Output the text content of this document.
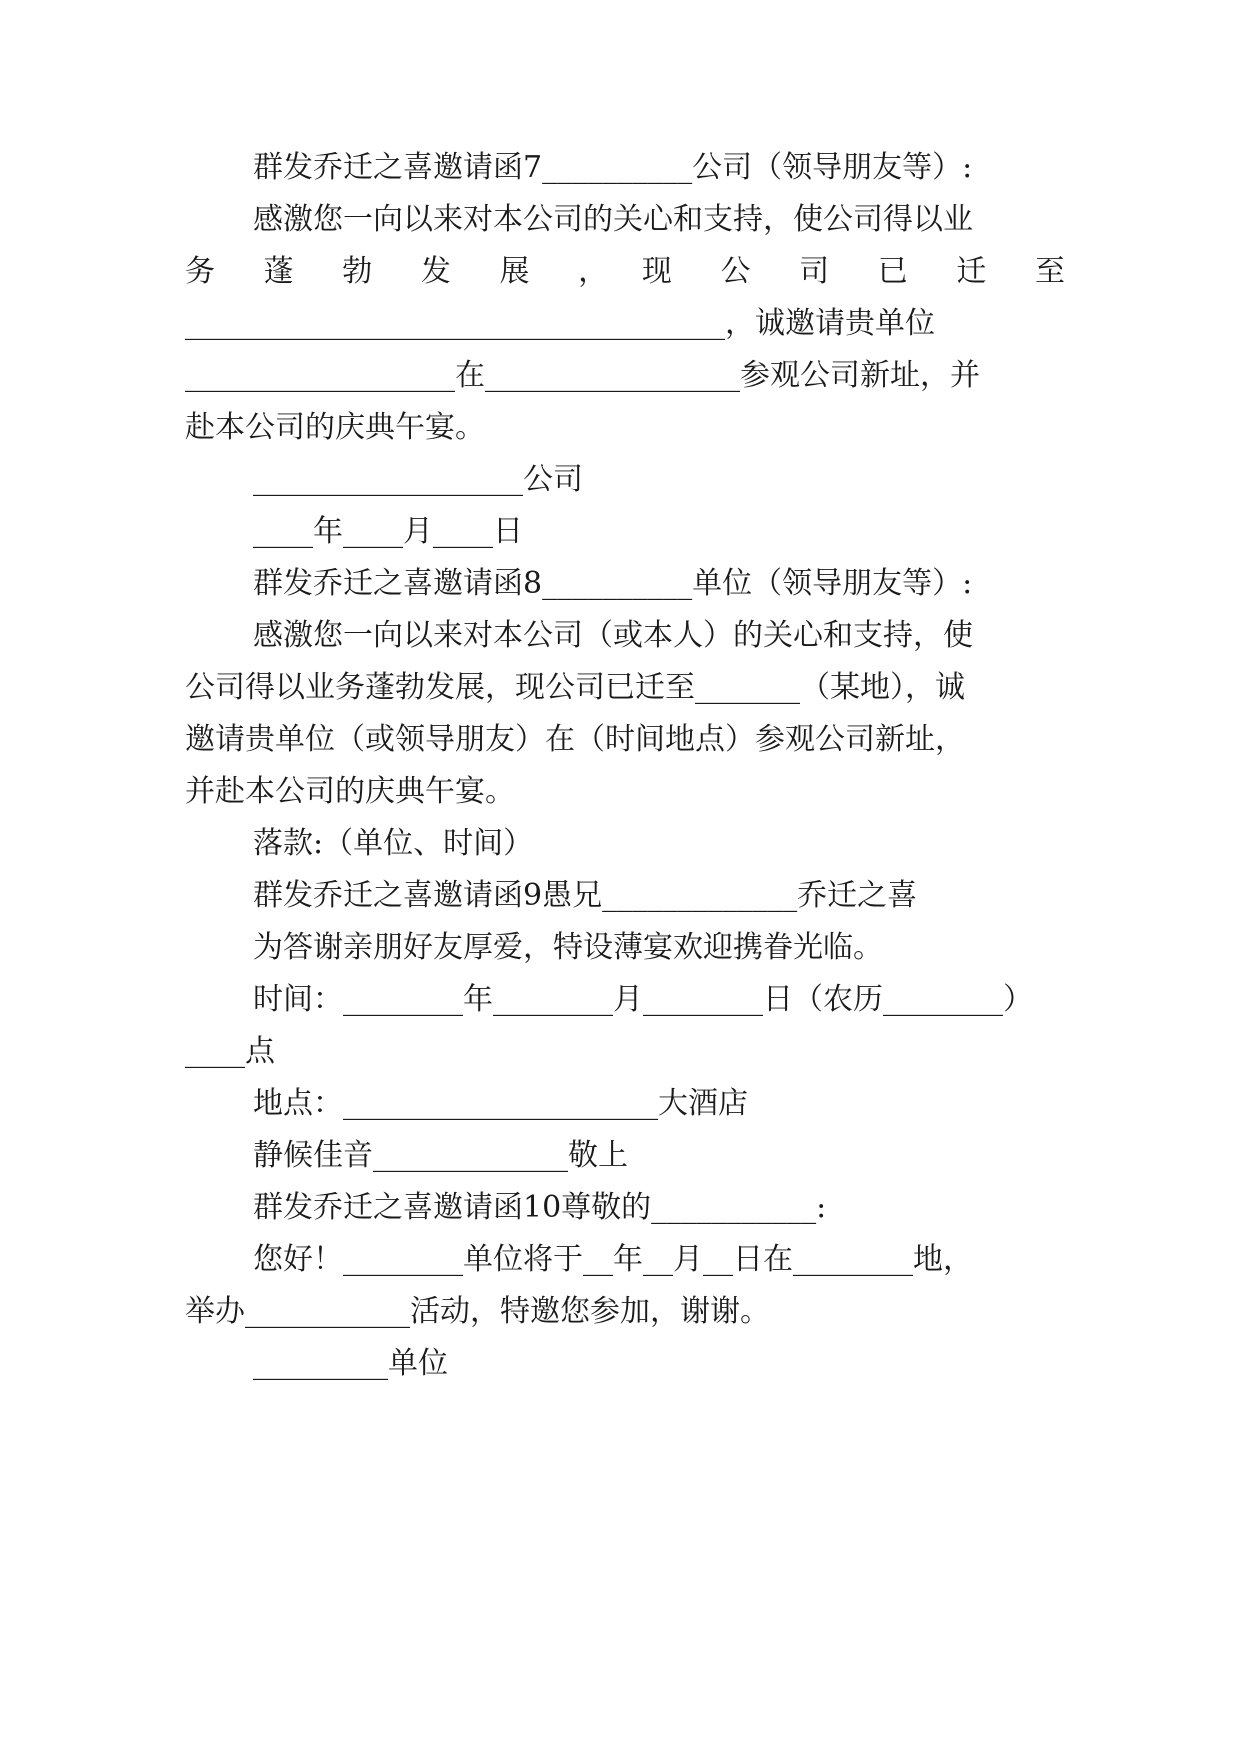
群发乔迁之喜邀请函7__________公司（领导朋友等）:
感激您一向以来对本公司的关心和支持，使公司得以业
务　蓬　勃　发　展　，　现　公　司　已　迁　至
____________________________________，诚邀请贵单位
__________________在_________________参观公司新址，并
赴本公司的庆典午宴。
__________________公司
____年____月____日
群发乔迁之喜邀请函8__________单位（领导朋友等）:
感激您一向以来对本公司（或本人）的关心和支持，使
公司得以业务蓬勃发展，现公司已迁至_______（某地），诚
邀请贵单位（或领导朋友）在（时间地点）参观公司新址，
并赴本公司的庆典午宴。
落款:（单位、时间）
群发乔迁之喜邀请函9愚兄_____________乔迁之喜
为答谢亲朋好友厚爱，特设薄宴欢迎携眷光临。
时间：________年________月________日（农历________）
____点
地点：_____________________大酒店
静候佳音_____________敬上
群发乔迁之喜邀请函10尊敬的___________:
您好！________单位将于__年__月__日在________地，
举办___________活动，特邀您参加，谢谢。
_________单位
